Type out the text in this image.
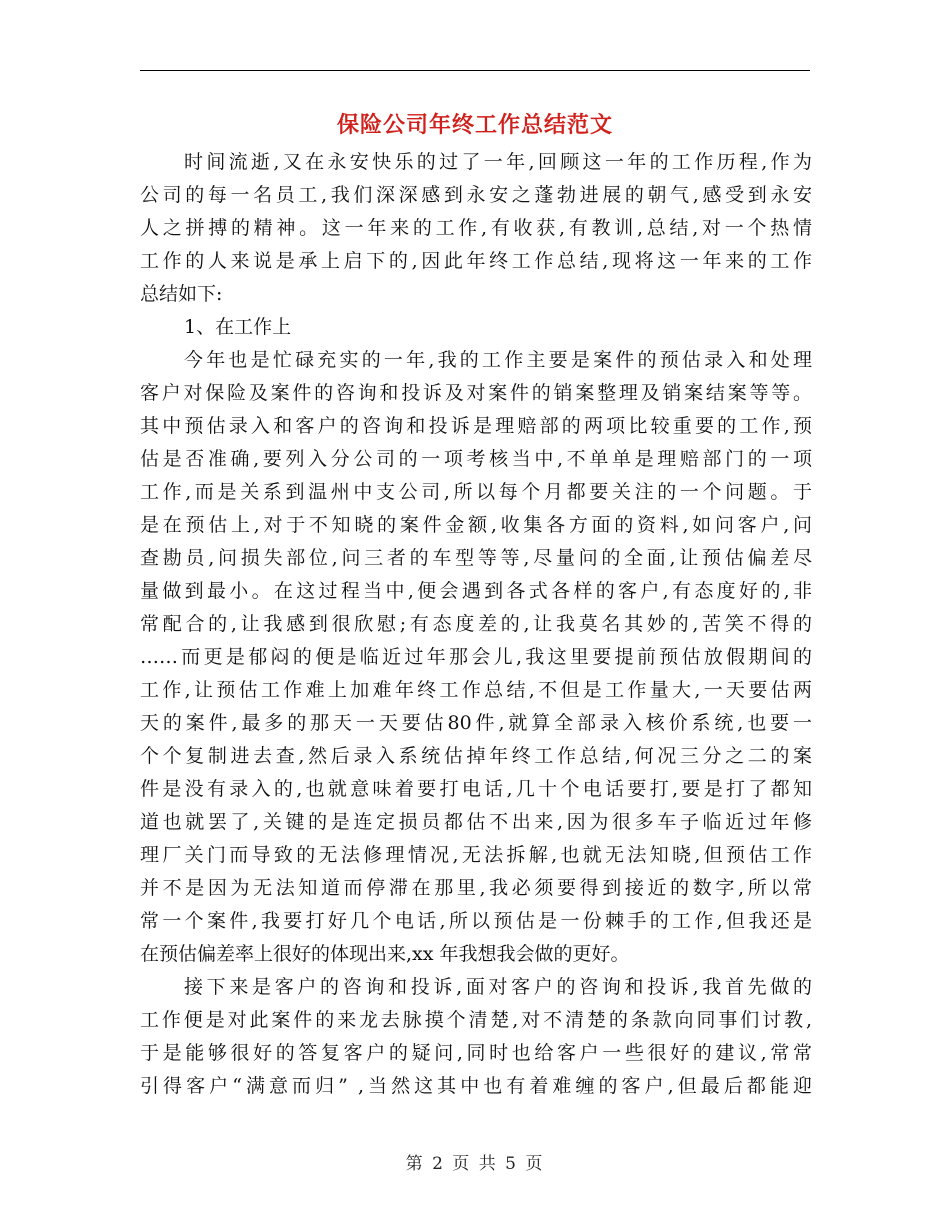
保险公司年终工作总结范文
时间流逝,又在永安快乐的过了一年,回顾这一年的工作历程,作为
公司的每一名员工,我们深深感到永安之蓬勃进展的朝气,感受到永安
人之拼搏的精神。这一年来的工作,有收获,有教训,总结,对一个热情
工作的人来说是承上启下的,因此年终工作总结,现将这一年来的工作
总结如下:
1、在工作上
今年也是忙碌充实的一年,我的工作主要是案件的预估录入和处理
客户对保险及案件的咨询和投诉及对案件的销案整理及销案结案等等。
其中预估录入和客户的咨询和投诉是理赔部的两项比较重要的工作,预
估是否准确,要列入分公司的一项考核当中,不单单是理赔部门的一项
工作,而是关系到温州中支公司,所以每个月都要关注的一个问题。于
是在预估上,对于不知晓的案件金额,收集各方面的资料,如问客户,问
查勘员,问损失部位,问三者的车型等等,尽量问的全面,让预估偏差尽
量做到最小。在这过程当中,便会遇到各式各样的客户,有态度好的,非
常配合的,让我感到很欣慰;有态度差的,让我莫名其妙的,苦笑不得的
……而更是郁闷的便是临近过年那会儿,我这里要提前预估放假期间的
工作,让预估工作难上加难年终工作总结,不但是工作量大,一天要估两
天的案件,最多的那天一天要估80件,就算全部录入核价系统,也要一
个个复制进去查,然后录入系统估掉年终工作总结,何况三分之二的案
件是没有录入的,也就意味着要打电话,几十个电话要打,要是打了都知
道也就罢了,关键的是连定损员都估不出来,因为很多车子临近过年修
理厂关门而导致的无法修理情况,无法拆解,也就无法知晓,但预估工作
并不是因为无法知道而停滞在那里,我必须要得到接近的数字,所以常
常一个案件,我要打好几个电话,所以预估是一份棘手的工作,但我还是
在预估偏差率上很好的体现出来,xx 年我想我会做的更好。
接下来是客户的咨询和投诉,面对客户的咨询和投诉,我首先做的
工作便是对此案件的来龙去脉摸个清楚,对不清楚的条款向同事们讨教,
于是能够很好的答复客户的疑问,同时也给客户一些很好的建议,常常
引得客户“满意而归” ,当然这其中也有着难缠的客户,但最后都能迎
第 2 页 共 5 页
